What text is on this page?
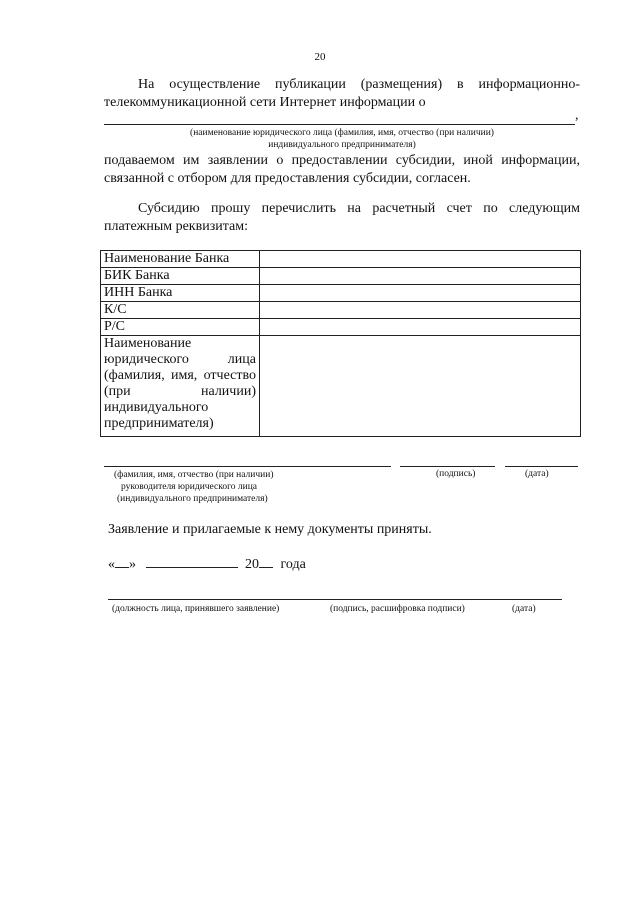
20
На осуществление публикации (размещения) в информационно-
телекоммуникационной сети Интернет информации о
,
(наименование юридического лица (фамилия, имя, отчество (при наличии)
индивидуального предпринимателя)
подаваемом им заявлении о предоставлении субсидии, иной информации, связанной с отбором для предоставления субсидии, согласен.
Субсидию прошу перечислить на расчетный счет по следующим платежным реквизитам:
Наименование Банка	
БИК Банка	
ИНН Банка	
К/С	
Р/С	
Наименование юридического лица (фамилия, имя, отчество (при наличии) индивидуального предпринимателя)	
(фамилия, имя, отчество (при наличии)
руководителя юридического лица
(индивидуального предпринимателя)
(подпись)	(дата)
Заявление и прилагаемые к нему документы приняты.
« »	20 года
(должность лица, принявшего заявление)	(подпись, расшифровка подписи)	(дата)
